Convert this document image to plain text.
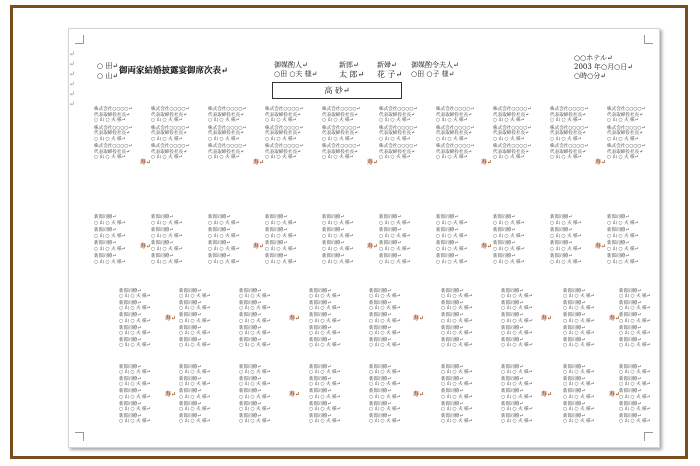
↵
↵
↵
↵
↵
↵
○ 田↵
○ 山↵ 御両家結婚披露宴御席次表↵
御媒酌人↵
○田 ○夫 様↵
新郎↵
太 郎↵
新婦↵
花 子↵
御媒酌令夫人↵
○田 ○子 様↵
○○ホテル↵
2003 年○月○日↵
○時○分↵
高 砂↵
株式会社○○○○↵
代表取締役社長↵
○ 山 ○ 夫 様↵
株式会社○○○○↵
代表取締役社長↵
○ 山 ○ 夫 様↵
株式会社○○○○↵
代表取締役社長↵
○ 山 ○ 夫 様↵
株式会社○○○○↵
代表取締役社長↵
○ 山 ○ 夫 様↵
株式会社○○○○↵
代表取締役社長↵
○ 山 ○ 夫 様↵
株式会社○○○○↵
代表取締役社長↵
○ 山 ○ 夫 様↵
株式会社○○○○↵
代表取締役社長↵
○ 山 ○ 夫 様↵
株式会社○○○○↵
代表取締役社長↵
○ 山 ○ 夫 様↵
株式会社○○○○↵
代表取締役社長↵
○ 山 ○ 夫 様↵
株式会社○○○○↵
代表取締役社長↵
○ 山 ○ 夫 様↵
株式会社○○○○↵
代表取締役社長↵
○ 山 ○ 夫 様↵
株式会社○○○○↵
代表取締役社長↵
○ 山 ○ 夫 様↵
株式会社○○○○↵
代表取締役社長↵
○ 山 ○ 夫 様↵
株式会社○○○○↵
代表取締役社長↵
○ 山 ○ 夫 様↵
株式会社○○○○↵
代表取締役社長↵
○ 山 ○ 夫 様↵
株式会社○○○○↵
代表取締役社長↵
○ 山 ○ 夫 様↵
株式会社○○○○↵
代表取締役社長↵
○ 山 ○ 夫 様↵
株式会社○○○○↵
代表取締役社長↵
○ 山 ○ 夫 様↵
株式会社○○○○↵
代表取締役社長↵
○ 山 ○ 夫 様↵
株式会社○○○○↵
代表取締役社長↵
○ 山 ○ 夫 様↵
株式会社○○○○↵
代表取締役社長↵
○ 山 ○ 夫 様↵
株式会社○○○○↵
代表取締役社長↵
○ 山 ○ 夫 様↵
株式会社○○○○↵
代表取締役社長↵
○ 山 ○ 夫 様↵
株式会社○○○○↵
代表取締役社長↵
○ 山 ○ 夫 様↵
株式会社○○○○↵
代表取締役社長↵
○ 山 ○ 夫 様↵
株式会社○○○○↵
代表取締役社長↵
○ 山 ○ 夫 様↵
株式会社○○○○↵
代表取締役社長↵
○ 山 ○ 夫 様↵
株式会社○○○○↵
代表取締役社長↵
○ 山 ○ 夫 様↵
株式会社○○○○↵
代表取締役社長↵
○ 山 ○ 夫 様↵
株式会社○○○○↵
代表取締役社長↵
○ 山 ○ 夫 様↵
寿↵	寿↵	寿↵	寿↵	寿↵
新郎同僚↵
○ 山 ○ 夫 様↵
新郎同僚↵
○ 山 ○ 夫 様↵
新郎同僚↵
○ 山 ○ 夫 様↵
新郎同僚↵
○ 山 ○ 夫 様↵
新郎同僚↵
○ 山 ○ 夫 様↵
新郎同僚↵
○ 山 ○ 夫 様↵
新郎同僚↵
○ 山 ○ 夫 様↵
新郎同僚↵
○ 山 ○ 夫 様↵
新郎同僚↵
○ 山 ○ 夫 様↵
新郎同僚↵
○ 山 ○ 夫 様↵
新郎同僚↵
○ 山 ○ 夫 様↵
新郎同僚↵
○ 山 ○ 夫 様↵
新郎同僚↵
○ 山 ○ 夫 様↵
新郎同僚↵
○ 山 ○ 夫 様↵
新郎同僚↵
○ 山 ○ 夫 様↵
新郎同僚↵
○ 山 ○ 夫 様↵
新郎同僚↵
○ 山 ○ 夫 様↵
新郎同僚↵
○ 山 ○ 夫 様↵
新郎同僚↵
○ 山 ○ 夫 様↵
新郎同僚↵
○ 山 ○ 夫 様↵
新郎同僚↵
○ 山 ○ 夫 様↵
新郎同僚↵
○ 山 ○ 夫 様↵
新郎同僚↵
○ 山 ○ 夫 様↵
新郎同僚↵
○ 山 ○ 夫 様↵
新郎同僚↵
○ 山 ○ 夫 様↵
新郎同僚↵
○ 山 ○ 夫 様↵
新郎同僚↵
○ 山 ○ 夫 様↵
新郎同僚↵
○ 山 ○ 夫 様↵
新郎同僚↵
○ 山 ○ 夫 様↵
新郎同僚↵
○ 山 ○ 夫 様↵
新郎同僚↵
○ 山 ○ 夫 様↵
新郎同僚↵
○ 山 ○ 夫 様↵
新郎同僚↵
○ 山 ○ 夫 様↵
新郎同僚↵
○ 山 ○ 夫 様↵
新郎同僚↵
○ 山 ○ 夫 様↵
新郎同僚↵
○ 山 ○ 夫 様↵
新郎同僚↵
○ 山 ○ 夫 様↵
新郎同僚↵
○ 山 ○ 夫 様↵
新郎同僚↵
○ 山 ○ 夫 様↵
新郎同僚↵
○ 山 ○ 夫 様↵
寿↵	寿↵	寿↵	寿↵	寿↵
新郎同僚↵
○ 山 ○ 夫 様↵
新郎同僚↵
○ 山 ○ 夫 様↵
新郎同僚↵
○ 山 ○ 夫 様↵
新郎同僚↵
○ 山 ○ 夫 様↵
新郎同僚↵
○ 山 ○ 夫 様↵
新郎同僚↵
○ 山 ○ 夫 様↵
新郎同僚↵
○ 山 ○ 夫 様↵
新郎同僚↵
○ 山 ○ 夫 様↵
新郎同僚↵
○ 山 ○ 夫 様↵
新郎同僚↵
○ 山 ○ 夫 様↵
新郎同僚↵
○ 山 ○ 夫 様↵
新郎同僚↵
○ 山 ○ 夫 様↵
新郎同僚↵
○ 山 ○ 夫 様↵
新郎同僚↵
○ 山 ○ 夫 様↵
新郎同僚↵
○ 山 ○ 夫 様↵
新郎同僚↵
○ 山 ○ 夫 様↵
新郎同僚↵
○ 山 ○ 夫 様↵
新郎同僚↵
○ 山 ○ 夫 様↵
新郎同僚↵
○ 山 ○ 夫 様↵
新郎同僚↵
○ 山 ○ 夫 様↵
新郎同僚↵
○ 山 ○ 夫 様↵
新郎同僚↵
○ 山 ○ 夫 様↵
新郎同僚↵
○ 山 ○ 夫 様↵
新郎同僚↵
○ 山 ○ 夫 様↵
新郎同僚↵
○ 山 ○ 夫 様↵
新郎同僚↵
○ 山 ○ 夫 様↵
新郎同僚↵
○ 山 ○ 夫 様↵
新郎同僚↵
○ 山 ○ 夫 様↵
新郎同僚↵
○ 山 ○ 夫 様↵
新郎同僚↵
○ 山 ○ 夫 様↵
新郎同僚↵
○ 山 ○ 夫 様↵
新郎同僚↵
○ 山 ○ 夫 様↵
新郎同僚↵
○ 山 ○ 夫 様↵
新郎同僚↵
○ 山 ○ 夫 様↵
新郎同僚↵
○ 山 ○ 夫 様↵
新郎同僚↵
○ 山 ○ 夫 様↵
新郎同僚↵
○ 山 ○ 夫 様↵
新郎同僚↵
○ 山 ○ 夫 様↵
新郎同僚↵
○ 山 ○ 夫 様↵
新郎同僚↵
○ 山 ○ 夫 様↵
新郎同僚↵
○ 山 ○ 夫 様↵
新郎同僚↵
○ 山 ○ 夫 様↵
新郎同僚↵
○ 山 ○ 夫 様↵
新郎同僚↵
○ 山 ○ 夫 様↵
新郎同僚↵
○ 山 ○ 夫 様↵
寿↵	寿↵	寿↵	寿↵	寿↵
新郎同僚↵
○ 山 ○ 夫 様↵
新郎同僚↵
○ 山 ○ 夫 様↵
新郎同僚↵
○ 山 ○ 夫 様↵
新郎同僚↵
○ 山 ○ 夫 様↵
新郎同僚↵
○ 山 ○ 夫 様↵
新郎同僚↵
○ 山 ○ 夫 様↵
新郎同僚↵
○ 山 ○ 夫 様↵
新郎同僚↵
○ 山 ○ 夫 様↵
新郎同僚↵
○ 山 ○ 夫 様↵
新郎同僚↵
○ 山 ○ 夫 様↵
新郎同僚↵
○ 山 ○ 夫 様↵
新郎同僚↵
○ 山 ○ 夫 様↵
新郎同僚↵
○ 山 ○ 夫 様↵
新郎同僚↵
○ 山 ○ 夫 様↵
新郎同僚↵
○ 山 ○ 夫 様↵
新郎同僚↵
○ 山 ○ 夫 様↵
新郎同僚↵
○ 山 ○ 夫 様↵
新郎同僚↵
○ 山 ○ 夫 様↵
新郎同僚↵
○ 山 ○ 夫 様↵
新郎同僚↵
○ 山 ○ 夫 様↵
新郎同僚↵
○ 山 ○ 夫 様↵
新郎同僚↵
○ 山 ○ 夫 様↵
新郎同僚↵
○ 山 ○ 夫 様↵
新郎同僚↵
○ 山 ○ 夫 様↵
新郎同僚↵
○ 山 ○ 夫 様↵
新郎同僚↵
○ 山 ○ 夫 様↵
新郎同僚↵
○ 山 ○ 夫 様↵
新郎同僚↵
○ 山 ○ 夫 様↵
新郎同僚↵
○ 山 ○ 夫 様↵
新郎同僚↵
○ 山 ○ 夫 様↵
新郎同僚↵
○ 山 ○ 夫 様↵
新郎同僚↵
○ 山 ○ 夫 様↵
新郎同僚↵
○ 山 ○ 夫 様↵
新郎同僚↵
○ 山 ○ 夫 様↵
新郎同僚↵
○ 山 ○ 夫 様↵
新郎同僚↵
○ 山 ○ 夫 様↵
新郎同僚↵
○ 山 ○ 夫 様↵
新郎同僚↵
○ 山 ○ 夫 様↵
新郎同僚↵
○ 山 ○ 夫 様↵
新郎同僚↵
○ 山 ○ 夫 様↵
新郎同僚↵
○ 山 ○ 夫 様↵
新郎同僚↵
○ 山 ○ 夫 様↵
新郎同僚↵
○ 山 ○ 夫 様↵
新郎同僚↵
○ 山 ○ 夫 様↵
新郎同僚↵
○ 山 ○ 夫 様↵
寿↵	寿↵	寿↵	寿↵	寿↵
